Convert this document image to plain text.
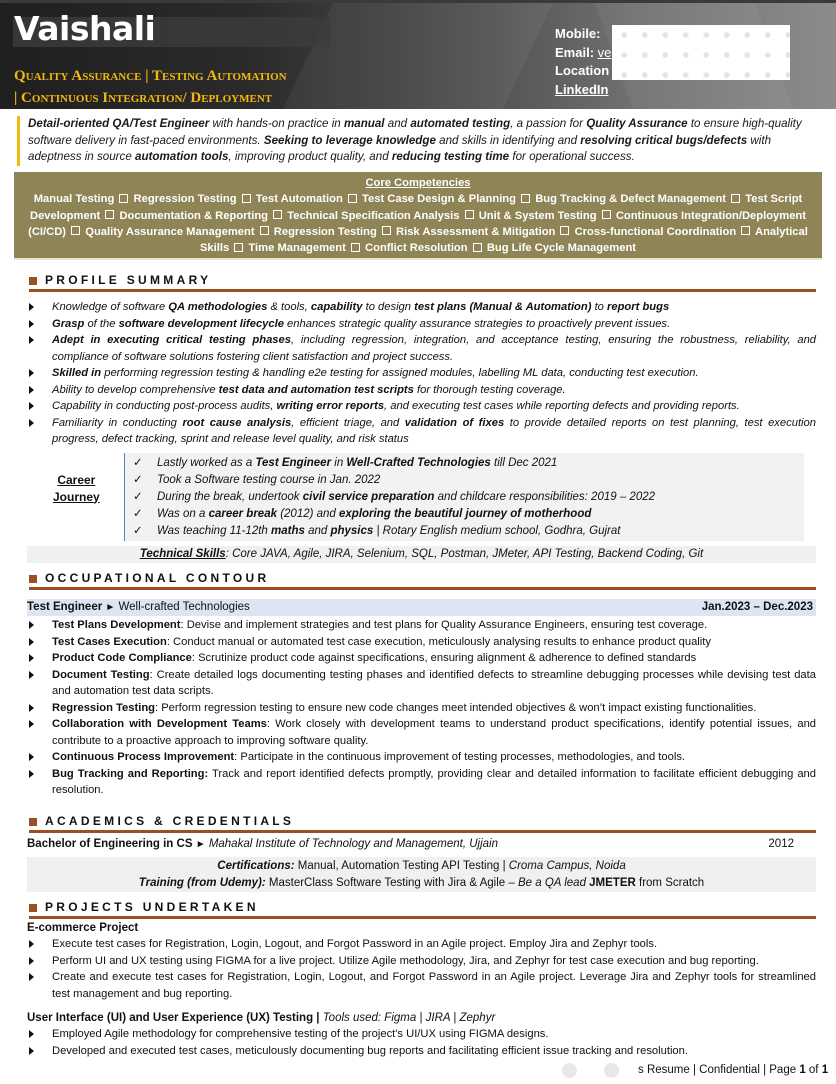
Vaishali
Quality Assurance | Testing Automation
| Continuous Integration/ Deployment
Mobile:
Email: ve
Location
LinkedIn
Detail-oriented QA/Test Engineer with hands-on practice in manual and automated testing, a passion for Quality Assurance to ensure high-quality software delivery in fast-paced environments. Seeking to leverage knowledge and skills in identifying and resolving critical bugs/defects with adeptness in source automation tools, improving product quality, and reducing testing time for operational success.
Core Competencies
Manual Testing Regression Testing Test Automation Test Case Design & Planning Bug Tracking & Defect Management Test Script Development Documentation & Reporting Technical Specification Analysis Unit & System Testing Continuous Integration/Deployment (CI/CD) Quality Assurance Management Regression Testing Risk Assessment & Mitigation Cross-functional Coordination Analytical Skills Time Management Conflict Resolution Bug Life Cycle Management
PROFILE SUMMARY
Knowledge of software QA methodologies & tools, capability to design test plans (Manual & Automation) to report bugs
Grasp of the software development lifecycle enhances strategic quality assurance strategies to proactively prevent issues.
Adept in executing critical testing phases, including regression, integration, and acceptance testing, ensuring the robustness, reliability, and compliance of software solutions fostering client satisfaction and project success.
Skilled in performing regression testing & handling e2e testing for assigned modules, labelling ML data, conducting test execution.
Ability to develop comprehensive test data and automation test scripts for thorough testing coverage.
Capability in conducting post-process audits, writing error reports, and executing test cases while reporting defects and providing reports.
Familiarity in conducting root cause analysis, efficient triage, and validation of fixes to provide detailed reports on test planning, test execution progress, defect tracking, sprint and release level quality, and risk status
Career
Journey
✓ Lastly worked as a Test Engineer in Well-Crafted Technologies till Dec 2021
✓ Took a Software testing course in Jan. 2022
✓ During the break, undertook civil service preparation and childcare responsibilities: 2019 – 2022
✓ Was on a career break (2012) and exploring the beautiful journey of motherhood
✓ Was teaching 11-12th maths and physics | Rotary English medium school, Godhra, Gujrat
Technical Skills: Core JAVA, Agile, JIRA, Selenium, SQL, Postman, JMeter, API Testing, Backend Coding, Git
OCCUPATIONAL CONTOUR
Test Engineer ► Well-crafted Technologies	Jan.2023 – Dec.2023
Test Plans Development: Devise and implement strategies and test plans for Quality Assurance Engineers, ensuring test coverage.
Test Cases Execution: Conduct manual or automated test case execution, meticulously analysing results to enhance product quality
Product Code Compliance: Scrutinize product code against specifications, ensuring alignment & adherence to defined standards
Document Testing: Create detailed logs documenting testing phases and identified defects to streamline debugging processes while devising test data and automation test data scripts.
Regression Testing: Perform regression testing to ensure new code changes meet intended objectives & won’t impact existing functionalities.
Collaboration with Development Teams: Work closely with development teams to understand product specifications, identify potential issues, and contribute to a proactive approach to improving software quality.
Continuous Process Improvement: Participate in the continuous improvement of testing processes, methodologies, and tools.
Bug Tracking and Reporting: Track and report identified defects promptly, providing clear and detailed information to facilitate efficient debugging and resolution.
ACADEMICS & CREDENTIALS
Bachelor of Engineering in CS ► Mahakal Institute of Technology and Management, Ujjain	2012
Certifications: Manual, Automation Testing API Testing | Croma Campus, Noida
Training (from Udemy): MasterClass Software Testing with Jira & Agile – Be a QA lead JMETER from Scratch
PROJECTS UNDERTAKEN
E-commerce Project
Execute test cases for Registration, Login, Logout, and Forgot Password in an Agile project. Employ Jira and Zephyr tools.
Perform UI and UX testing using FIGMA for a live project. Utilize Agile methodology, Jira, and Zephyr for test case execution and bug reporting.
Create and execute test cases for Registration, Login, Logout, and Forgot Password in an Agile project. Leverage Jira and Zephyr tools for streamlined test management and bug reporting.
User Interface (UI) and User Experience (UX) Testing | Tools used: Figma | JIRA | Zephyr
Employed Agile methodology for comprehensive testing of the project's UI/UX using FIGMA designs.
Developed and executed test cases, meticulously documenting bug reports and facilitating efficient issue tracking and resolution.
s Resume | Confidential | Page 1 of 1
